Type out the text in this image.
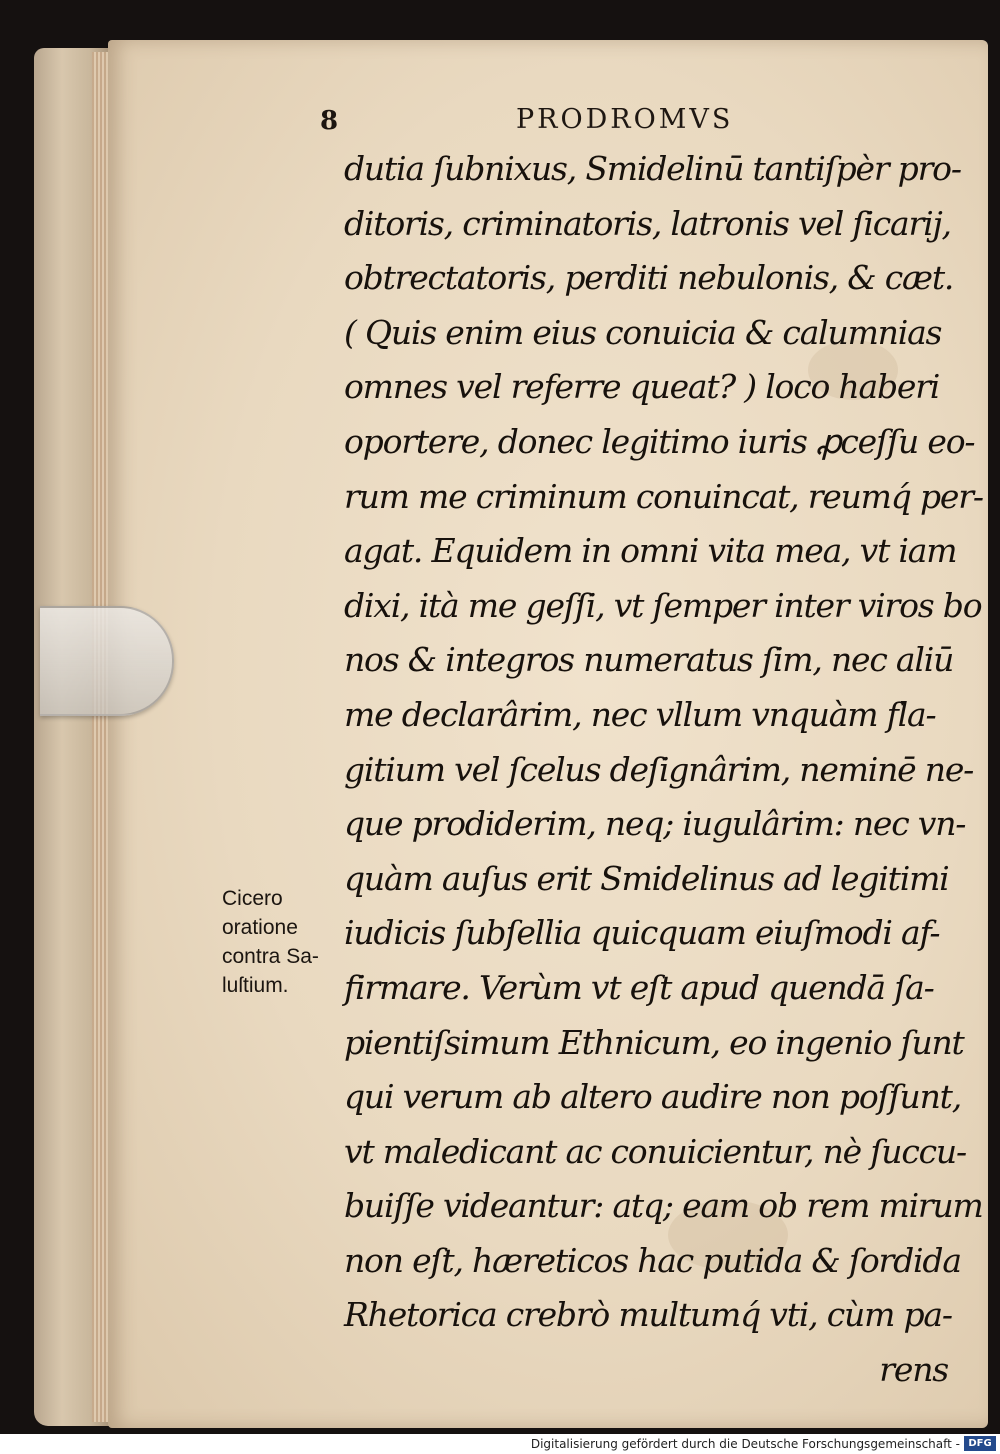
8	PRODROMVS
dutia ſubnixus, Smidelinū tantiſpèr pro-
ditoris, criminatoris, latronis vel ſicarij,
obtrectatoris, perditi nebulonis, & cæt.
( Quis enim eius conuicia & calumnias
omnes vel referre queat? ) loco haberi
oportere, donec legitimo iuris ꝓceſſu eo-
rum me criminum conuincat, reumq́ per-
agat. Equidem in omni vita mea, vt iam
dixi, ità me geſſi, vt ſemper inter viros bo
nos & integros numeratus ſim, nec aliū
me declarârim, nec vllum vnquàm fla-
gitium vel ſcelus deſignârim, neminē ne-
que prodiderim, neq; iugulârim: nec vn-
quàm auſus erit Smidelinus ad legitimi
iudicis ſubſellia quicquam eiuſmodi af-
firmare. Verùm vt eſt apud quendā ſa-
pientiſsimum Ethnicum, eo ingenio ſunt
qui verum ab altero audire non poſſunt,
vt maledicant ac conuicientur, nè ſuccu-
buiſſe videantur: atq; eam ob rem mirum
non eſt, hæreticos hac putida & ſordida
Rhetorica crebrò multumq́ vti, cùm pa-
rens
Cicero
oratione
contra Sa-
luſtium.
Digitalisierung gefördert durch die Deutsche Forschungsgemeinschaft - DFG
